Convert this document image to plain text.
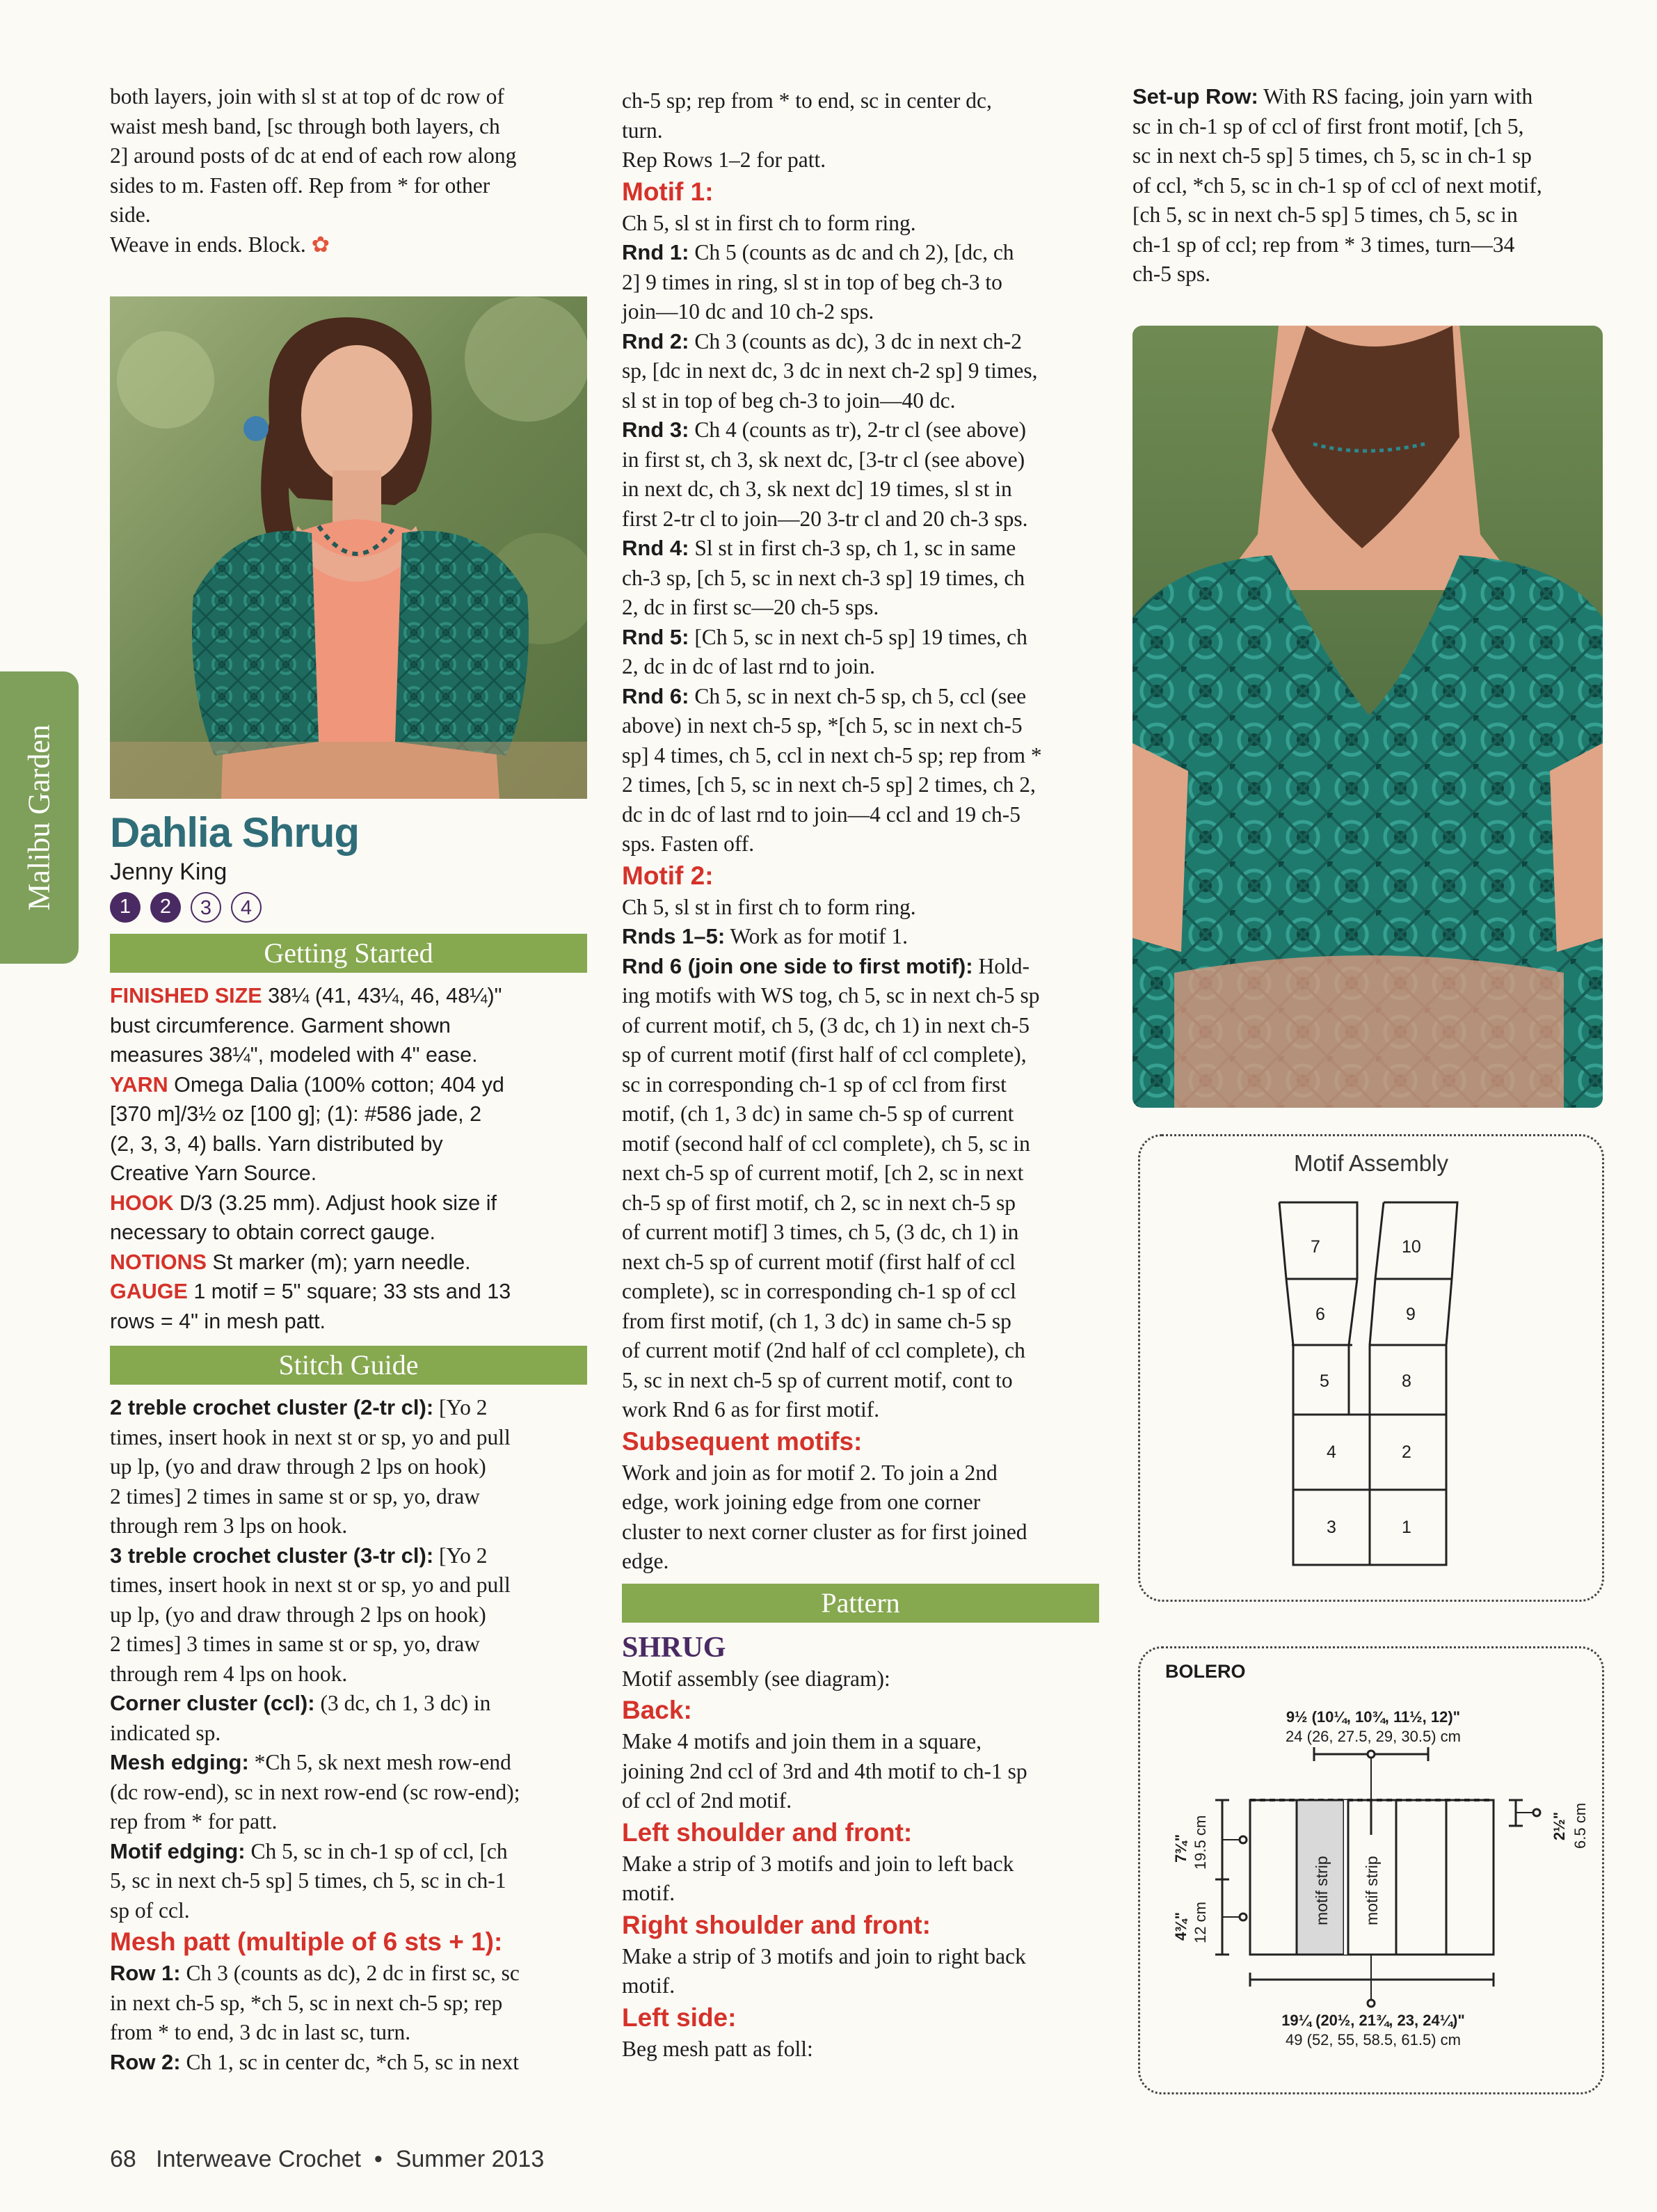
Malibu Garden
both layers, join with sl st at top of dc row of
waist mesh band, [sc through both layers, ch
2] around posts of dc at end of each row along
sides to m. Fasten off. Rep from * for other
side.
Weave in ends. Block. ✿
Dahlia Shrug
Jenny King
1 2 3 4
Getting Started
FINISHED SIZE 38¼ (41, 43¼, 46, 48¼)"
bust circumference. Garment shown
measures 38¼", modeled with 4" ease.
YARN Omega Dalia (100% cotton; 404 yd
[370 m]/3½ oz [100 g]; (1): #586 jade, 2
(2, 3, 3, 4) balls. Yarn distributed by
Creative Yarn Source.
HOOK D/3 (3.25 mm). Adjust hook size if
necessary to obtain correct gauge.
NOTIONS St marker (m); yarn needle.
GAUGE 1 motif = 5" square; 33 sts and 13
rows = 4" in mesh patt.
Stitch Guide
2 treble crochet cluster (2-tr cl): [Yo 2
times, insert hook in next st or sp, yo and pull
up lp, (yo and draw through 2 lps on hook)
2 times] 2 times in same st or sp, yo, draw
through rem 3 lps on hook.
3 treble crochet cluster (3-tr cl): [Yo 2
times, insert hook in next st or sp, yo and pull
up lp, (yo and draw through 2 lps on hook)
2 times] 3 times in same st or sp, yo, draw
through rem 4 lps on hook.
Corner cluster (ccl): (3 dc, ch 1, 3 dc) in
indicated sp.
Mesh edging: *Ch 5, sk next mesh row-end
(dc row-end), sc in next row-end (sc row-end);
rep from * for patt.
Motif edging: Ch 5, sc in ch-1 sp of ccl, [ch
5, sc in next ch-5 sp] 5 times, ch 5, sc in ch-1
sp of ccl.
Mesh patt (multiple of 6 sts + 1):
Row 1: Ch 3 (counts as dc), 2 dc in first sc, sc
in next ch-5 sp, *ch 5, sc in next ch-5 sp; rep
from * to end, 3 dc in last sc, turn.
Row 2: Ch 1, sc in center dc, *ch 5, sc in next
ch-5 sp; rep from * to end, sc in center dc,
turn.
Rep Rows 1–2 for patt.
Motif 1:
Ch 5, sl st in first ch to form ring.
Rnd 1: Ch 5 (counts as dc and ch 2), [dc, ch
2] 9 times in ring, sl st in top of beg ch-3 to
join—10 dc and 10 ch-2 sps.
Rnd 2: Ch 3 (counts as dc), 3 dc in next ch-2
sp, [dc in next dc, 3 dc in next ch-2 sp] 9 times,
sl st in top of beg ch-3 to join—40 dc.
Rnd 3: Ch 4 (counts as tr), 2-tr cl (see above)
in first st, ch 3, sk next dc, [3-tr cl (see above)
in next dc, ch 3, sk next dc] 19 times, sl st in
first 2-tr cl to join—20 3-tr cl and 20 ch-3 sps.
Rnd 4: Sl st in first ch-3 sp, ch 1, sc in same
ch-3 sp, [ch 5, sc in next ch-3 sp] 19 times, ch
2, dc in first sc—20 ch-5 sps.
Rnd 5: [Ch 5, sc in next ch-5 sp] 19 times, ch
2, dc in dc of last rnd to join.
Rnd 6: Ch 5, sc in next ch-5 sp, ch 5, ccl (see
above) in next ch-5 sp, *[ch 5, sc in next ch-5
sp] 4 times, ch 5, ccl in next ch-5 sp; rep from *
2 times, [ch 5, sc in next ch-5 sp] 2 times, ch 2,
dc in dc of last rnd to join—4 ccl and 19 ch-5
sps. Fasten off.
Motif 2:
Ch 5, sl st in first ch to form ring.
Rnds 1–5: Work as for motif 1.
Rnd 6 (join one side to first motif): Hold-
ing motifs with WS tog, ch 5, sc in next ch-5 sp
of current motif, ch 5, (3 dc, ch 1) in next ch-5
sp of current motif (first half of ccl complete),
sc in corresponding ch-1 sp of ccl from first
motif, (ch 1, 3 dc) in same ch-5 sp of current
motif (second half of ccl complete), ch 5, sc in
next ch-5 sp of current motif, [ch 2, sc in next
ch-5 sp of first motif, ch 2, sc in next ch-5 sp
of current motif] 3 times, ch 5, (3 dc, ch 1) in
next ch-5 sp of current motif (first half of ccl
complete), sc in corresponding ch-1 sp of ccl
from first motif, (ch 1, 3 dc) in same ch-5 sp
of current motif (2nd half of ccl complete), ch
5, sc in next ch-5 sp of current motif, cont to
work Rnd 6 as for first motif.
Subsequent motifs:
Work and join as for motif 2. To join a 2nd
edge, work joining edge from one corner
cluster to next corner cluster as for first joined
edge.
Pattern
SHRUG
Motif assembly (see diagram):
Back:
Make 4 motifs and join them in a square,
joining 2nd ccl of 3rd and 4th motif to ch-1 sp
of ccl of 2nd motif.
Left shoulder and front:
Make a strip of 3 motifs and join to left back
motif.
Right shoulder and front:
Make a strip of 3 motifs and join to right back
motif.
Left side:
Beg mesh patt as foll:
Set-up Row: With RS facing, join yarn with
sc in ch-1 sp of ccl of first front motif, [ch 5,
sc in next ch-5 sp] 5 times, ch 5, sc in ch-1 sp
of ccl, *ch 5, sc in ch-1 sp of ccl of next motif,
[ch 5, sc in next ch-5 sp] 5 times, ch 5, sc in
ch-1 sp of ccl; rep from * 3 times, turn—34
ch-5 sps.
Motif Assembly
7
6
5
4
3
10
9
8
2
1
BOLERO
9½ (10¼, 10¾, 11½, 12)"
24 (26, 27.5, 29, 30.5) cm
motif strip motif strip
7¾" 19.5 cm
4¾" 12 cm
2½" 6.5 cm
19¼ (20½, 21¾, 23, 24¼)"
49 (52, 55, 58.5, 61.5) cm
68 Interweave Crochet • Summer 2013
